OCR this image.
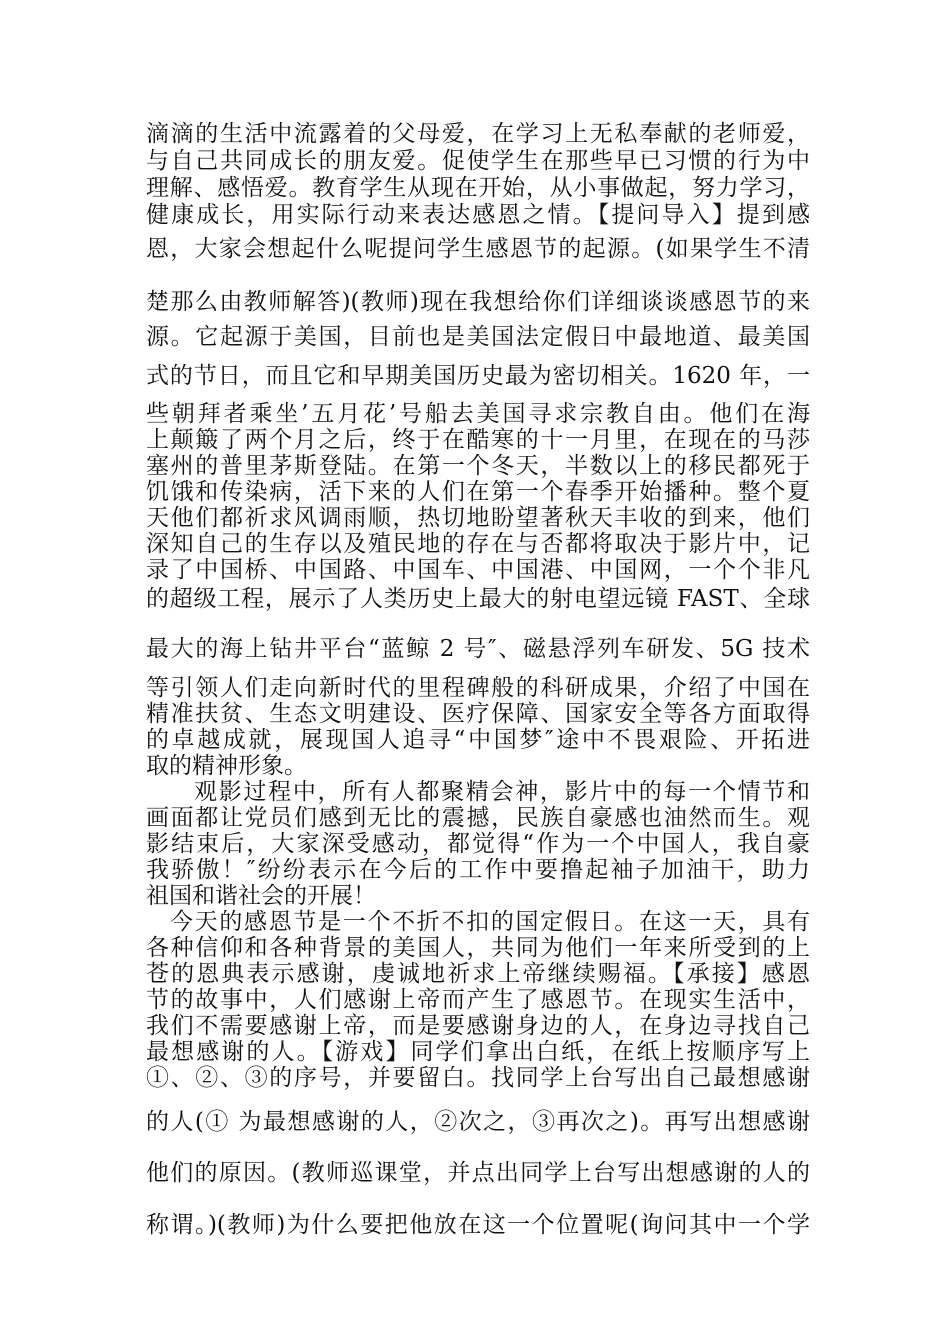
滴滴的生活中流露着的父母爱，在学习上无私奉献的老师爱，
与自己共同成长的朋友爱。促使学生在那些早已习惯的行为中
理解、感悟爱。教育学生从现在开始，从小事做起，努力学习，
健康成长，用实际行动来表达感恩之情。【提问导入】提到感
恩，大家会想起什么呢提问学生感恩节的起源。(如果学生不清
楚那么由教师解答)(教师)现在我想给你们详细谈谈感恩节的来
源。它起源于美国，目前也是美国法定假日中最地道、最美国
式的节日，而且它和早期美国历史最为密切相关。1620 年，一
些朝拜者乘坐’五月花’号船去美国寻求宗教自由。他们在海
上颠簸了两个月之后，终于在酷寒的十一月里，在现在的马莎
塞州的普里茅斯登陆。在第一个冬天，半数以上的移民都死于
饥饿和传染病，活下来的人们在第一个春季开始播种。整个夏
天他们都祈求风调雨顺，热切地盼望著秋天丰收的到来，他们
深知自己的生存以及殖民地的存在与否都将取决于影片中，记
录了中国桥、中国路、中国车、中国港、中国网，一个个非凡
的超级工程，展示了人类历史上最大的射电望远镜 FAST、全球
最大的海上钻井平台“蓝鲸 2 号″、磁悬浮列车研发、5G 技术
等引领人们走向新时代的里程碑般的科研成果，介绍了中国在
精准扶贫、生态文明建设、医疗保障、国家安全等各方面取得
的卓越成就，展现国人追寻“中国梦″途中不畏艰险、开拓进
取的精神形象。
观影过程中，所有人都聚精会神，影片中的每一个情节和
画面都让党员们感到无比的震撼，民族自豪感也油然而生。观
影结束后，大家深受感动，都觉得“作为一个中国人，我自豪
我骄傲！″纷纷表示在今后的工作中要撸起袖子加油干，助力
祖国和谐社会的开展！
今天的感恩节是一个不折不扣的国定假日。在这一天，具有
各种信仰和各种背景的美国人，共同为他们一年来所受到的上
苍的恩典表示感谢，虔诚地祈求上帝继续赐福。【承接】感恩
节的故事中，人们感谢上帝而产生了感恩节。在现实生活中，
我们不需要感谢上帝，而是要感谢身边的人，在身边寻找自己
最想感谢的人。【游戏】同学们拿出白纸，在纸上按顺序写上
①、②、③的序号，并要留白。找同学上台写出自己最想感谢
的人(① 为最想感谢的人，②次之，③再次之)。再写出想感谢
他们的原因。(教师巡课堂，并点出同学上台写出想感谢的人的
称谓。)(教师)为什么要把他放在这一个位置呢(询问其中一个学
